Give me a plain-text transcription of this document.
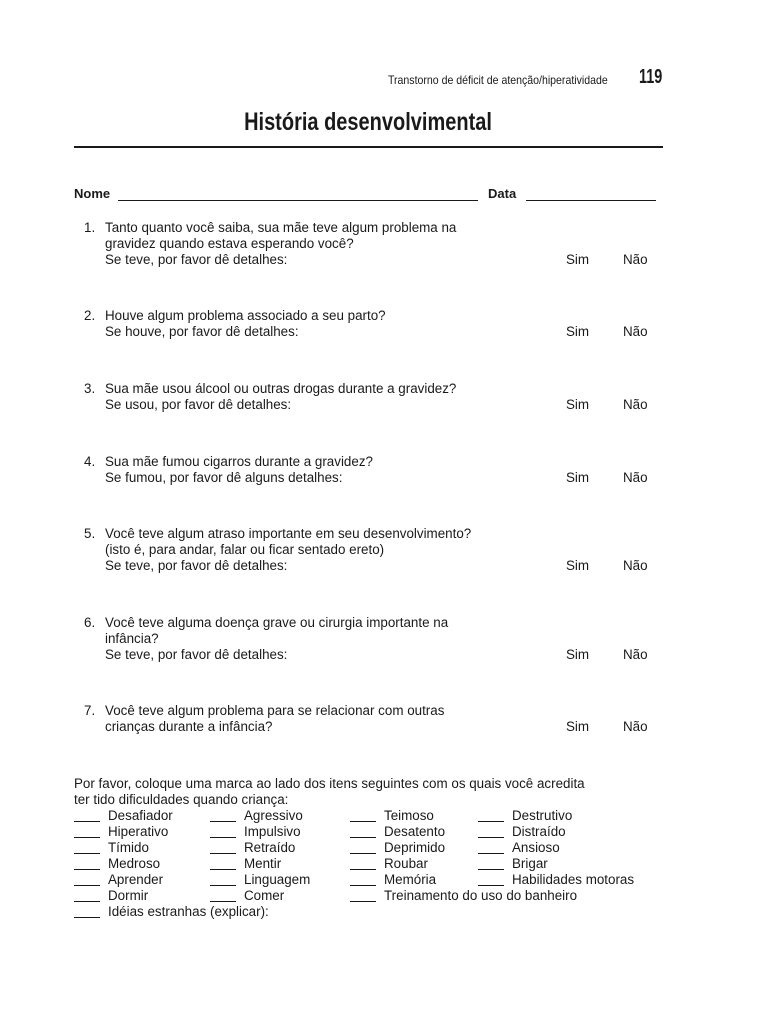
Transtorno de déficit de atenção/hiperatividade 119
História desenvolvimental
Nome	Data
1. Tanto quanto você saiba, sua mãe teve algum problema na
gravidez quando estava esperando você?
Se teve, por favor dê detalhes:	Sim	Não
2. Houve algum problema associado a seu parto?
Se houve, por favor dê detalhes:	Sim	Não
3. Sua mãe usou álcool ou outras drogas durante a gravidez?
Se usou, por favor dê detalhes:	Sim	Não
4. Sua mãe fumou cigarros durante a gravidez?
Se fumou, por favor dê alguns detalhes:	Sim	Não
5. Você teve algum atraso importante em seu desenvolvimento?
(isto é, para andar, falar ou ficar sentado ereto)
Se teve, por favor dê detalhes:	Sim	Não
6. Você teve alguma doença grave ou cirurgia importante na
infância?
Se teve, por favor dê detalhes:	Sim	Não
7. Você teve algum problema para se relacionar com outras
crianças durante a infância?	Sim	Não
Por favor, coloque uma marca ao lado dos itens seguintes com os quais você acredita
ter tido dificuldades quando criança:
Desafiador	Agressivo	Teimoso	Destrutivo
Hiperativo	Impulsivo	Desatento	Distraído
Tímido	Retraído	Deprimido	Ansioso
Medroso	Mentir	Roubar	Brigar
Aprender	Linguagem	Memória	Habilidades motoras
Dormir	Comer	Treinamento do uso do banheiro
Idéias estranhas (explicar):
